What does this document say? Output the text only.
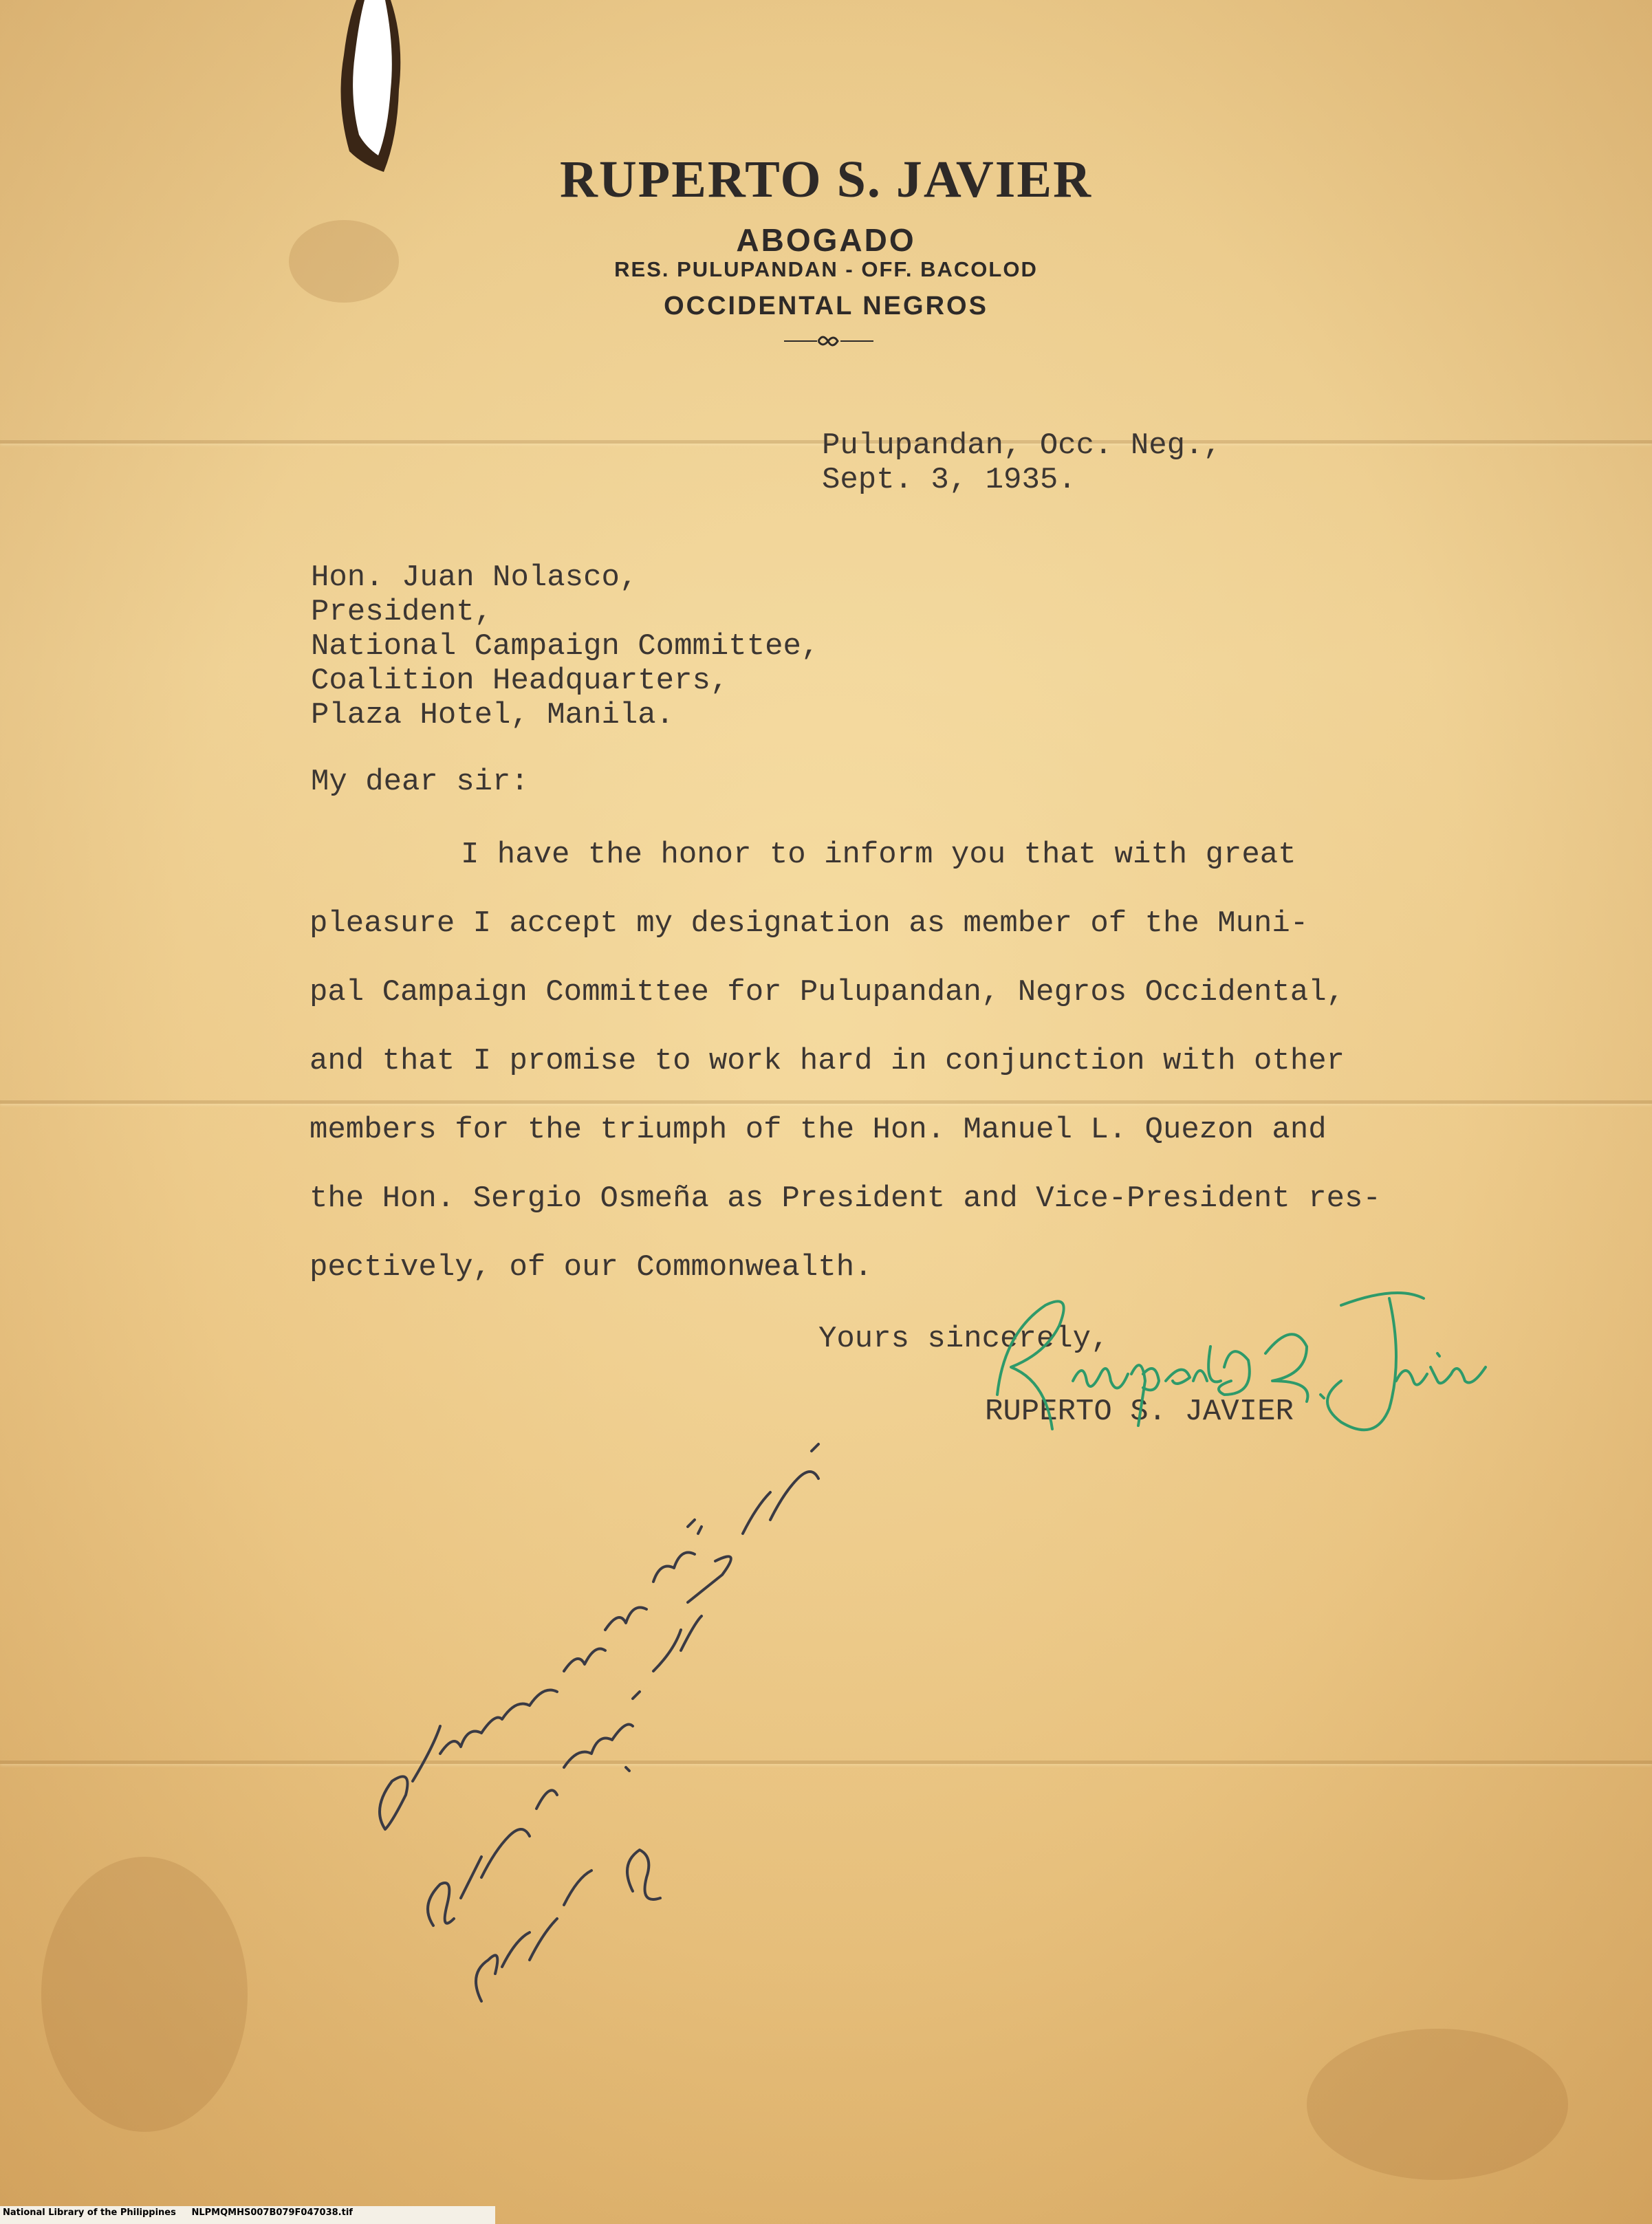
RUPERTO S. JAVIER
ABOGADO
RES. PULUPANDAN - OFF. BACOLOD
OCCIDENTAL NEGROS
Pulupandan, Occ. Neg.,
Sept. 3, 1935.
Hon. Juan Nolasco,
President,
National Campaign Committee,
Coalition Headquarters,
Plaza Hotel, Manila.
My dear sir:
I have the honor to inform you that with great
pleasure I accept my designation as member of the Muni-
pal Campaign Committee for Pulupandan, Negros Occidental,
and that I promise to work hard in conjunction with other
members for the triumph of the Hon. Manuel L. Quezon and
the Hon. Sergio Osmeña as President and Vice-President res-
pectively, of our Commonwealth.
Yours sincerely,
RUPERTO S. JAVIER
National Library of the Philippines     NLPMQMHS007B079F047038.tif
